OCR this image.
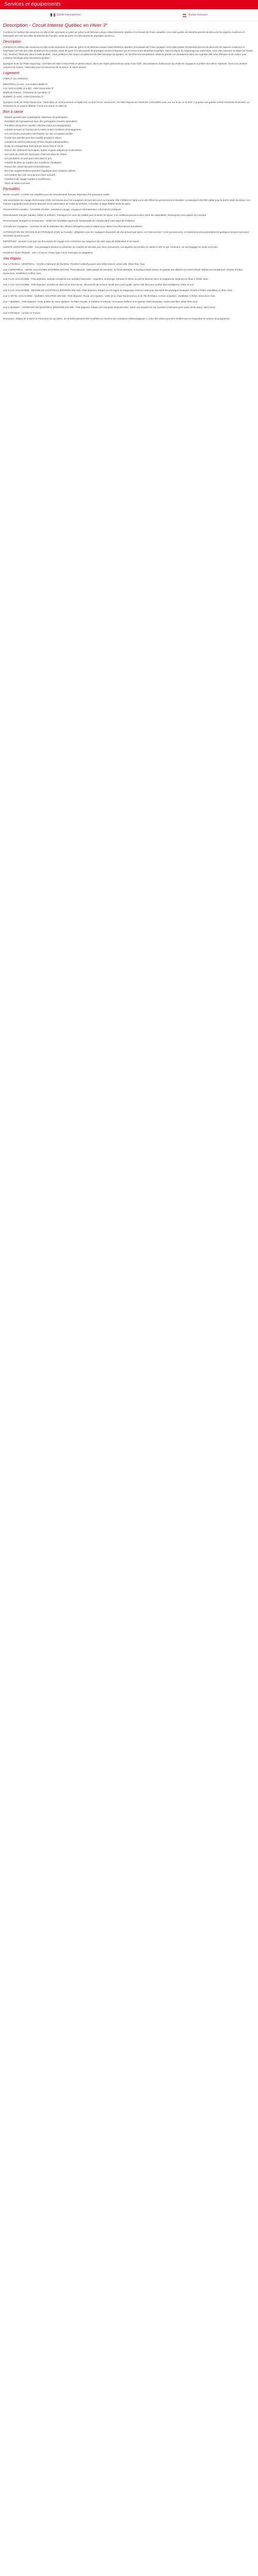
Services et équipements
Guide francophone	Visites incluses
Description - Circuit Intense Québec en Hiver 3*

Combinez le meilleur des vacances en ville et des aventures en plein air grâce à cet itinéraire unique reliant Montréal, Québec et la beauté de l'hiver canadien. Une visite guidée de Montréal permet de découvrir les aspects modernes et historiques de l'une des villes fondatrices du Canada, avant de partir à la découverte de paysages sereins à...

Description

Combinez le meilleur des vacances en ville et des aventures en plein air grâce à cet itinéraire unique reliant Montréal, Québec et la beauté de l'hiver canadien. Une visite guidée de Montréal permet de découvrir les aspects modernes et historiques de l'une des villes fondatrices du Canada, avant de partir à la découverte de paysages sereins à Mauricie qui se trouve entre Montréal et Québec. Dans la région du Saguenay-Lac-Saint-Jean, vous allez savourer la région de l'Esprit-Fort. Terminez l'itinéraire dans la belle Québec. Vous profiterez d'un séjour exceptionnel de ville historique de Québec, où l'architecture européenne côtoie la grande rue canadienne dans une superbe ville riche d'histoire et de culture pour combiner l'écologie entre Montréal et Québec.

Quelques mots sur l'hôtel Saguenay : Cet hôtel est situé à Saint-Félix en pleine nature, dans une région préservée au cœur d'une forêt. Une ambiance chaleureuse qui invite les voyageurs à profiter d'un décor reposant. Vous vous sentirez comme à la maison. Hôtel idéal pour les amoureux de la nature, le calme assuré.

Logement

Hôtels 3* (ou similaires) :

MONTRÉAL (1 nuit) : Les Suites Labelle 3*

LAC SAGACOMIE (4 nuits) : Hôtel Sacacomie 3*

Dépôt de la Barre : Pourvoirie du Lac Blanc 3*

QUÉBEC (2 nuits) : Hôtel Clarendon 3*

Quelques mots sur l'hôtel Sacacomie : Situé dans un environnement exceptionnel, au bord du lac Sacacomie, cet hôtel dispose de chambres confortables avec vue sur le lac ou la forêt. Il propose une grande variété d'activités hivernales, un restaurant et un espace détente. Accès à la nature en plein air.

Bon à savoir

- Départs garantis dès 2 participants. Maximum 32 participants.

- Possibilité de regroupement avec des participants d'autres nationalités.

- Transferts aéroport en navette collective (sans accompagnateur).

- Activités prévues en fonction de la météo et des conditions d'enneigement.

- Les excursions proposées sont basées sur une occupation double.

- L'ordre des activités peut être modifié pendant le séjour.

- Lunettes de soleil et vêtements d'hiver chauds indispensables.

- Guide accompagnateur francophone durant tout le circuit.

- Prévoir des vêtements techniques, bottes et gants adaptés au froid intense.

- Une carte de crédit est nécessaire à l'arrivée dans les hôtels.

- Les pourboires ne sont pas inclus dans le prix.

- Activités de plein air sujettes aux conditions climatiques.

- Prévoir des cartes bancaires internationales.

- Des frais supplémentaires peuvent s'appliquer pour certaines options.

- Les horaires des vols sont donnés à titre indicatif.

- Conditions de voyage sujettes à modification.

- Taxes de séjour incluses.

Formalités

Bonne nouvelle ! L'entrée est simplifiée pour les ressortissants français disposant d'un passeport valide.

Une autorisation de voyage électronique (AVE) est requise pour les voyageurs arrivant par avion au Canada. Elle s'obtient en ligne sur le site officiel du gouvernement canadien. Le passeport doit être valide pour la durée totale du séjour. Les mineurs voyageant seuls doivent disposer d'une autorisation de sortie du territoire. Consultez la page dédiée avant de partir.

Gouvernement canadien : formalités d'entrée, assurance voyage, voyageurs internationaux, informations pratiques.

Ressortissants français (adultes, bébés et enfants) : Passeport en cours de validité pour la durée du séjour. Les conditions peuvent varier selon les nationalités. Renseignez-vous auprès du consulat.

Ressortissants étrangers et binationaux : vérifier les formalités auprès de l'ambassade du Canada dans votre pays de résidence.

Conseils aux voyageurs : consultez le site du Ministère des Affaires étrangères avant le départ pour obtenir les informations actualisées.

AUTORISATION DE VOYAGE ÉLECTRONIQUE (AVE) au Canada : obligatoire pour les voyageurs dispensés de visa arrivant par avion. Les frais sont de 7 CAD par personne. Le traitement prend généralement quelques minutes mais peut nécessiter plusieurs jours.

IMPORTANT : assurez-vous que vos documents de voyage sont conformes aux exigences de votre pays de destination et de transit.

SÛRETÉ AÉROPORTUAIRE : Les passagers doivent se présenter au contrôle de sécurité avec leurs documents. Les liquides sont limités en cabine à 100 ml par contenant. Un seul bagage en soute est inclus.

COURANT ÉLECTRIQUE : 120 V et 60 Hz. Prises type A et B. Prévoyez un adaptateur.

Vos étapes

Jour 1 FRANCE - MONTRÉAL : Arrivée à l'aéroport de Montréal. Transfert collectif jusqu'à votre hôtel dans le centre-ville. Dîner libre. Nuit.

Jour 2 MONTRÉAL - HÔTEL SACACOMIE (ENVIRON 160 KM) : Petit déjeuner. Visite guidée de Montréal : le Vieux-Montréal, la basilique Notre-Dame, le quartier des affaires et le Mont-Royal. Départ vers la Mauricie. Arrivée à l'hôtel Sacacomie, installation et dîner. Nuit.

Jour 3 LAC SACACOMIE : Petit déjeuner. Journée consacrée aux activités hivernales : raquettes, motoneige, traîneau à chiens ou pêche blanche selon le programme. Déjeuner et dîner à l'hôtel. Nuit.

Jour 4 LAC SACACOMIE : Petit déjeuner. Activités de plein air au bord du lac, découverte de la faune locale avec votre guide. Après-midi libre pour profiter des installations. Dîner et nuit.

Jour 5 LAC SACACOMIE - RÉGION DE SAINT-FÉLIX (ENVIRON 250 KM) : Petit déjeuner. Départ vers la région du Saguenay. Arrêt en route pour découvrir les paysages enneigés. Arrivée à l'hôtel, installation et dîner. Nuit.

Jour 6 HÔTEL SAGACOMIE - QUÉBEC (ENVIRON 200 KM) : Petit déjeuner. Route vers Québec. Visite de la chute Montmorency et de l'Île d'Orléans. Arrivée à Québec, installation à l'hôtel. Dîner libre. Nuit.

Jour 7 QUÉBEC : Petit déjeuner. Visite guidée du Vieux-Québec : la Place Royale, le Château Frontenac, la terrasse Dufferin et le quartier Petit-Champlain. Après-midi libre. Dîner libre. Nuit.

Jour 8 QUÉBEC - AEROPORT DE MONTRÉAL (ENVIRON 275 KM) : Petit déjeuner. Départ vers Montréal. Déjeuner libre. Selon vos horaires de vol, transfert à l'aéroport pour votre vol de retour. Nuit à bord.

Jour 9 FRANCE : Arrivée en France.

Remarque : Départ de la Barre et Pourvoirie du Lac Blanc, les activités peuvent être modifiées en fonction des conditions météorologiques. L'ordre des visites peut être modifié tout en respectant le contenu du programme.
